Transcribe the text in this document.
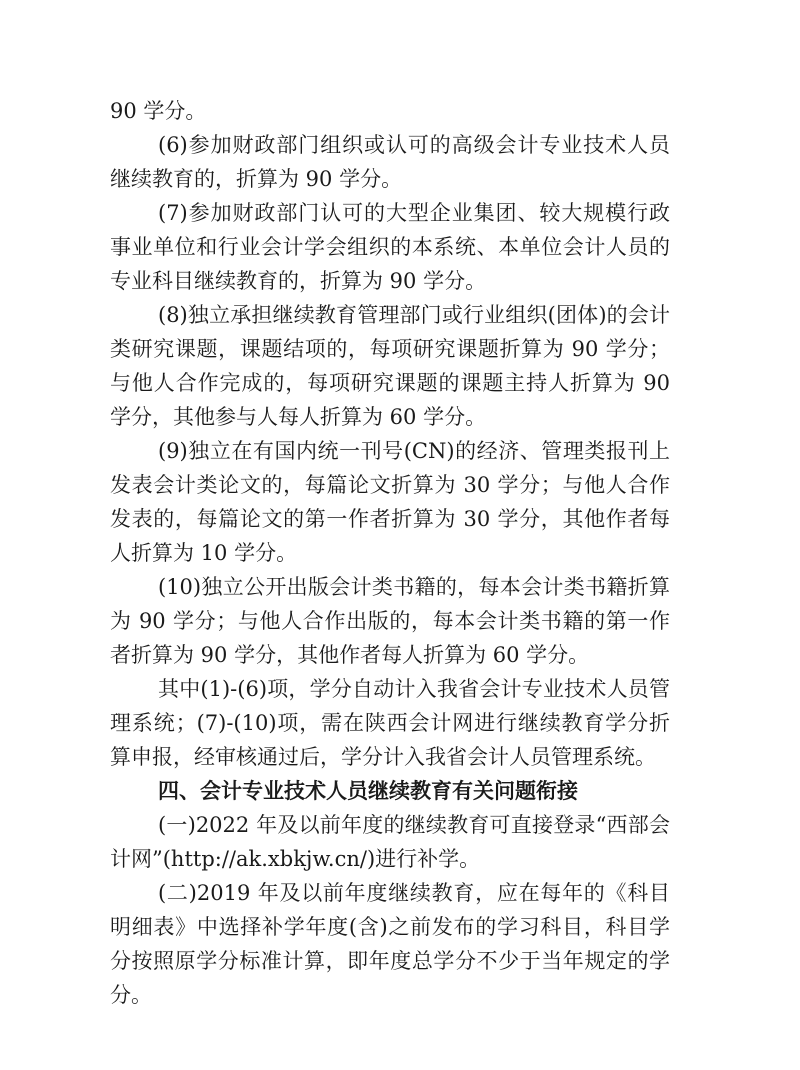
90 学分。

(6)参加财政部门组织或认可的高级会计专业技术人员继续教育的，折算为 90 学分。

(7)参加财政部门认可的大型企业集团、较大规模行政事业单位和行业会计学会组织的本系统、本单位会计人员的专业科目继续教育的，折算为 90 学分。

(8)独立承担继续教育管理部门或行业组织(团体)的会计类研究课题，课题结项的，每项研究课题折算为 90 学分；与他人合作完成的，每项研究课题的课题主持人折算为 90 学分，其他参与人每人折算为 60 学分。

(9)独立在有国内统一刊号(CN)的经济、管理类报刊上发表会计类论文的，每篇论文折算为 30 学分；与他人合作发表的，每篇论文的第一作者折算为 30 学分，其他作者每人折算为 10 学分。

(10)独立公开出版会计类书籍的，每本会计类书籍折算为 90 学分；与他人合作出版的，每本会计类书籍的第一作者折算为 90 学分，其他作者每人折算为 60 学分。

其中(1)-(6)项，学分自动计入我省会计专业技术人员管理系统；(7)-(10)项，需在陕西会计网进行继续教育学分折算申报，经审核通过后，学分计入我省会计人员管理系统。

四、会计专业技术人员继续教育有关问题衔接

(一)2022 年及以前年度的继续教育可直接登录“西部会计网”(http://ak.xbkjw.cn/)进行补学。

(二)2019 年及以前年度继续教育，应在每年的《科目明细表》中选择补学年度(含)之前发布的学习科目，科目学分按照原学分标准计算，即年度总学分不少于当年规定的学分。
